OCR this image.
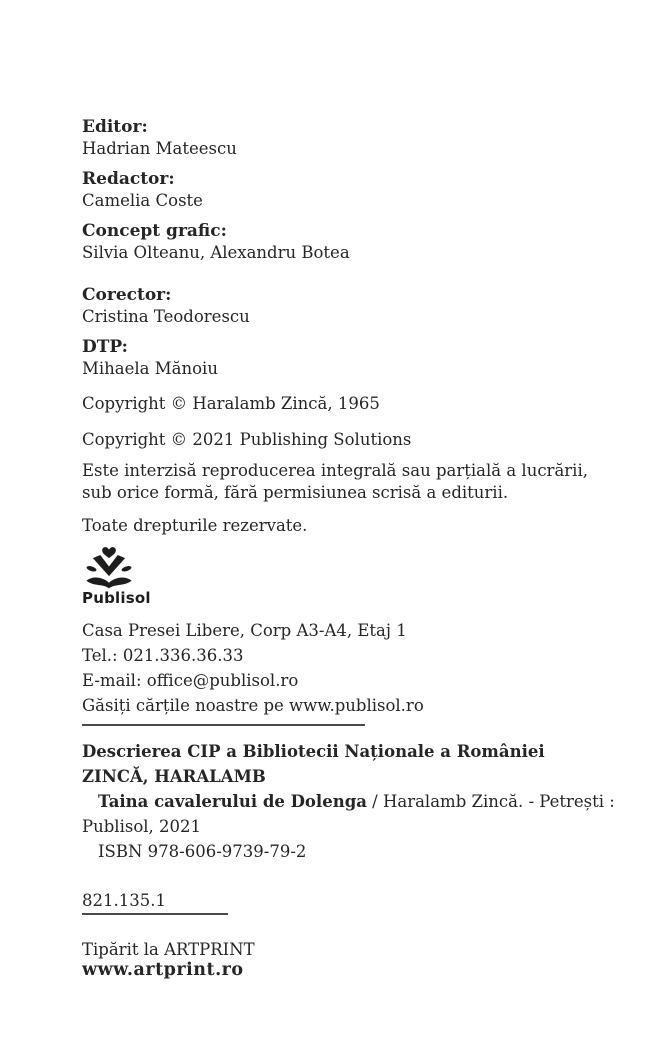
Editor:
Hadrian Mateescu
Redactor:
Camelia Coste
Concept grafic:
Silvia Olteanu, Alexandru Botea
Corector:
Cristina Teodorescu
DTP:
Mihaela Mănoiu
Copyright © Haralamb Zincă, 1965
Copyright © 2021 Publishing Solutions
Este interzisă reproducerea integrală sau parțială a lucrării,
sub orice formă, fără permisiunea scrisă a editurii.
Toate drepturile rezervate.
Publisol
Casa Presei Libere, Corp A3-A4, Etaj 1
Tel.: 021.336.36.33
E-mail: office@publisol.ro
Găsiți cărțile noastre pe www.publisol.ro
Descrierea CIP a Bibliotecii Naționale a României
ZINCĂ, HARALAMB
Taina cavalerului de Dolenga / Haralamb Zincă. - Petrești :
Publisol, 2021
ISBN 978-606-9739-79-2
821.135.1
Tipărit la ARTPRINT
www.artprint.ro
